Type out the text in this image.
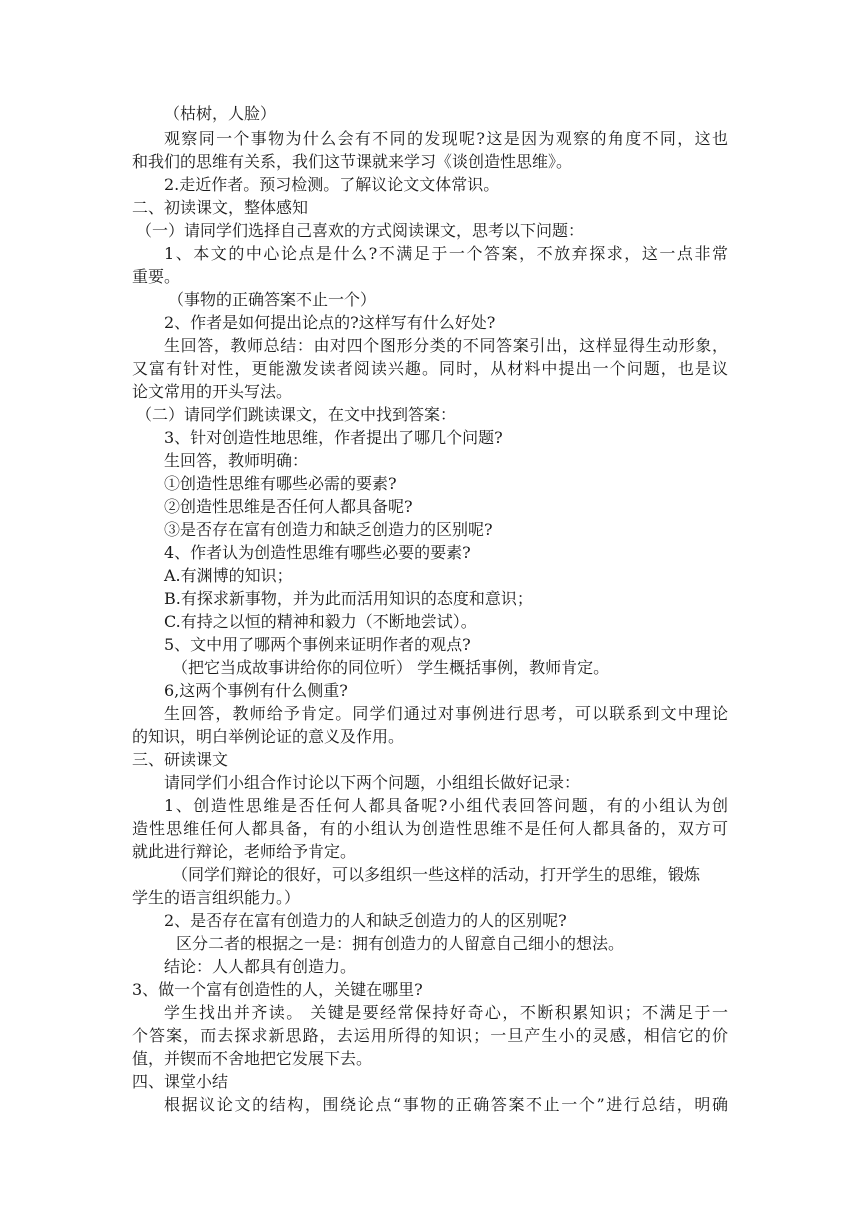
（枯树，人脸）
观察同一个事物为什么会有不同的发现呢?这是因为观察的角度不同，这也
和我们的思维有关系，我们这节课就来学习《谈创造性思维》。
2.走近作者。预习检测。了解议论文文体常识。
二、初读课文，整体感知
（一）请同学们选择自己喜欢的方式阅读课文，思考以下问题：
1、本文的中心论点是什么?不满足于一个答案，不放弃探求，这一点非常
重要。
（事物的正确答案不止一个）
2、作者是如何提出论点的?这样写有什么好处?
生回答，教师总结：由对四个图形分类的不同答案引出，这样显得生动形象，
又富有针对性，更能激发读者阅读兴趣。同时，从材料中提出一个问题，也是议
论文常用的开头写法。
（二）请同学们跳读课文，在文中找到答案：
3、针对创造性地思维，作者提出了哪几个问题?
生回答，教师明确：
①创造性思维有哪些必需的要素?
②创造性思维是否任何人都具备呢?
③是否存在富有创造力和缺乏创造力的区别呢?
4、作者认为创造性思维有哪些必要的要素?
A.有渊博的知识；
B.有探求新事物，并为此而活用知识的态度和意识；
C.有持之以恒的精神和毅力（不断地尝试）。
5、文中用了哪两个事例来证明作者的观点?
（把它当成故事讲给你的同位听） 学生概括事例，教师肯定。
6,这两个事例有什么侧重?
生回答，教师给予肯定。同学们通过对事例进行思考，可以联系到文中理论
的知识，明白举例论证的意义及作用。
三、研读课文
请同学们小组合作讨论以下两个问题，小组组长做好记录：
1、创造性思维是否任何人都具备呢?小组代表回答问题，有的小组认为创
造性思维任何人都具备，有的小组认为创造性思维不是任何人都具备的，双方可
就此进行辩论，老师给予肯定。
（同学们辩论的很好，可以多组织一些这样的活动，打开学生的思维，锻炼
学生的语言组织能力。）
2、是否存在富有创造力的人和缺乏创造力的人的区别呢?
区分二者的根据之一是：拥有创造力的人留意自己细小的想法。
结论：人人都具有创造力。
3、做一个富有创造性的人，关键在哪里?
学生找出并齐读。 关键是要经常保持好奇心，不断积累知识；不满足于一
个答案，而去探求新思路，去运用所得的知识；一旦产生小的灵感，相信它的价
值，并锲而不舍地把它发展下去。
四、课堂小结
根据议论文的结构，围绕论点“事物的正确答案不止一个”进行总结，明确
